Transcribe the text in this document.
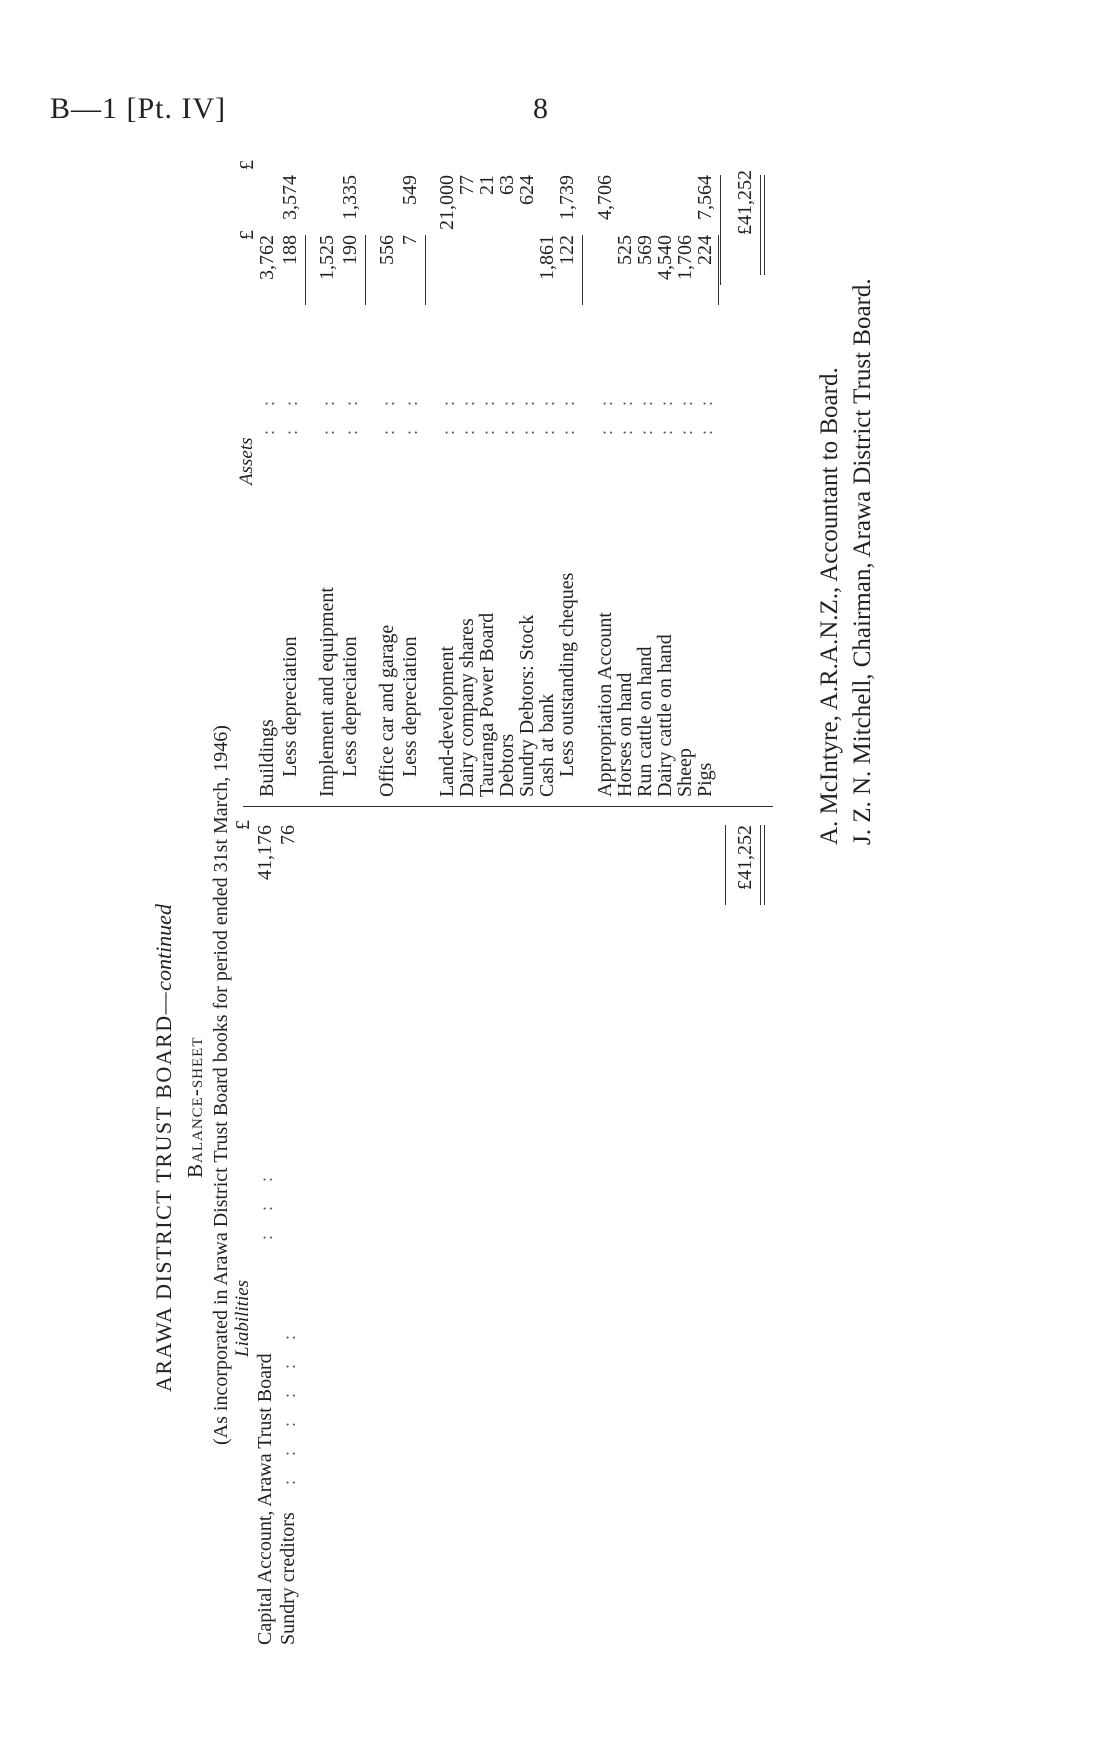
B—1 [Pt. IV]	8
ARAWA DISTRICT TRUST BOARD—continued
Balance-sheet (As incorporated in Arawa District Trust Board books for period ended 31st March, 1946) Liabilities
£
Capital Account, Arawa Trust Board
:::
41,176
Sundry creditors
::::::
76	£41,252
Assets
£
£
Buildings
::
3,762
Less depreciation
::
188
3,574
Implement and equipment
::
1,525
Less depreciation
::
190
1,335
Office car and garage
::
556
Less depreciation
::
7
549
Land-development
::
21,000
Dairy company shares
::
77
Tauranga Power Board
::
21
Debtors
::
63
Sundry Debtors: Stock
::
624
Cash at bank
::
1,861
Less outstanding cheques
::
122
1,739
Appropriation Account
::
4,706
Horses on hand
::
525
Run cattle on hand
::
569
Dairy cattle on hand
::
4,540
Sheep
::
1,706
Pigs
::
224
7,564 £41,252
A. McIntyre, A.R.A.N.Z., Accountant to Board. J. Z. N. Mitchell, Chairman, Arawa District Trust Board.
